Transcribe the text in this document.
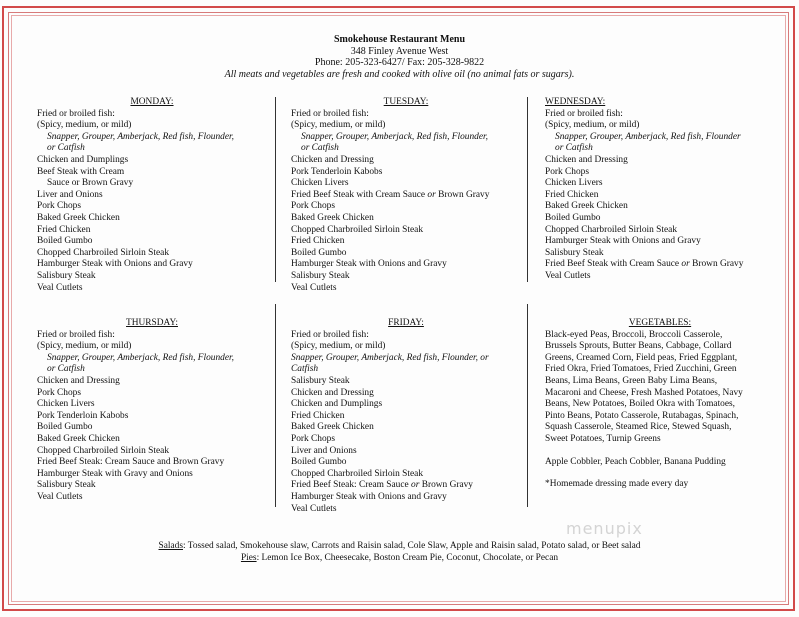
Smokehouse Restaurant Menu
348 Finley Avenue West
Phone: 205-323-6427/ Fax: 205-328-9822
All meats and vegetables are fresh and cooked with olive oil (no animal fats or sugars).
MONDAY:
Fried or broiled fish:
(Spicy, medium, or mild)
Snapper, Grouper, Amberjack, Red fish, Flounder,
or Catfish
Chicken and Dumplings
Beef Steak with Cream
Sauce or Brown Gravy
Liver and Onions
Pork Chops
Baked Greek Chicken
Fried Chicken
Boiled Gumbo
Chopped Charbroiled Sirloin Steak
Hamburger Steak with Onions and Gravy
Salisbury Steak
Veal Cutlets
TUESDAY:
Fried or broiled fish:
(Spicy, medium, or mild)
Snapper, Grouper, Amberjack, Red fish, Flounder,
or Catfish
Chicken and Dressing
Pork Tenderloin Kabobs
Chicken Livers
Fried Beef Steak with Cream Sauce or Brown Gravy
Pork Chops
Baked Greek Chicken
Chopped Charbroiled Sirloin Steak
Fried Chicken
Boiled Gumbo
Hamburger Steak with Onions and Gravy
Salisbury Steak
Veal Cutlets
WEDNESDAY:
Fried or broiled fish:
(Spicy, medium, or mild)
Snapper, Grouper, Amberjack, Red fish, Flounder
or Catfish
Chicken and Dressing
Pork Chops
Chicken Livers
Fried Chicken
Baked Greek Chicken
Boiled Gumbo
Chopped Charbroiled Sirloin Steak
Hamburger Steak with Onions and Gravy
Salisbury Steak
Fried Beef Steak with Cream Sauce or Brown Gravy
Veal Cutlets
THURSDAY:
Fried or broiled fish:
(Spicy, medium, or mild)
Snapper, Grouper, Amberjack, Red fish, Flounder,
or Catfish
Chicken and Dressing
Pork Chops
Chicken Livers
Pork Tenderloin Kabobs
Boiled Gumbo
Baked Greek Chicken
Chopped Charbroiled Sirloin Steak
Fried Beef Steak: Cream Sauce and Brown Gravy
Hamburger Steak with Gravy and Onions
Salisbury Steak
Veal Cutlets
FRIDAY:
Fried or broiled fish:
(Spicy, medium, or mild)
Snapper, Grouper, Amberjack, Red fish, Flounder, or
Catfish
Salisbury Steak
Chicken and Dressing
Chicken and Dumplings
Fried Chicken
Baked Greek Chicken
Pork Chops
Liver and Onions
Boiled Gumbo
Chopped Charbroiled Sirloin Steak
Fried Beef Steak: Cream Sauce or Brown Gravy
Hamburger Steak with Onions and Gravy
Veal Cutlets
VEGETABLES:
Black-eyed Peas, Broccoli, Broccoli Casserole,
Brussels Sprouts, Butter Beans, Cabbage, Collard
Greens, Creamed Corn, Field peas, Fried Eggplant,
Fried Okra, Fried Tomatoes, Fried Zucchini, Green
Beans, Lima Beans, Green Baby Lima Beans,
Macaroni and Cheese, Fresh Mashed Potatoes, Navy
Beans, New Potatoes, Boiled Okra with Tomatoes,
Pinto Beans, Potato Casserole, Rutabagas, Spinach,
Squash Casserole, Steamed Rice, Stewed Squash,
Sweet Potatoes, Turnip Greens
Apple Cobbler, Peach Cobbler, Banana Pudding
*Homemade dressing made every day
menupix
Salads: Tossed salad, Smokehouse slaw, Carrots and Raisin salad, Cole Slaw, Apple and Raisin salad, Potato salad, or Beet salad
Pies: Lemon Ice Box, Cheesecake, Boston Cream Pie, Coconut, Chocolate, or Pecan
